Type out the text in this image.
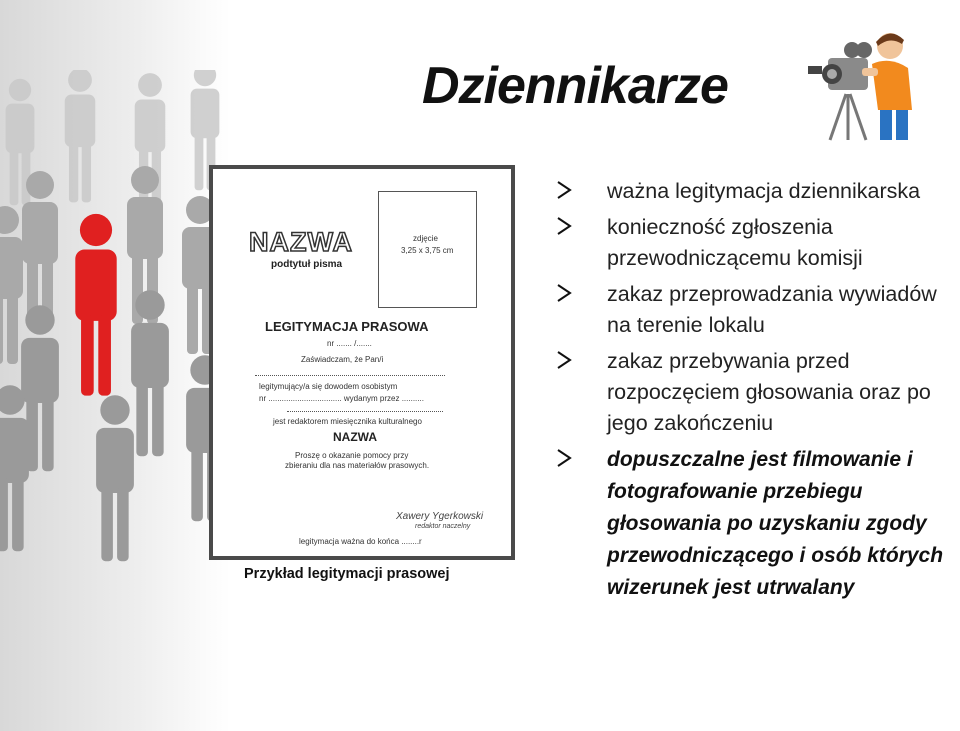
Dziennikarze
zdjęcie
3,25 x 3,75 cm
NAZWA
podtytuł pisma
LEGITYMACJA PRASOWA
nr ....... /.......
Zaświadczam, że Pan/i
legitymujący/a się dowodem osobistym
nr ................................. wydanym przez ..........
jest redaktorem miesięcznika kulturalnego
NAZWA
Proszę o okazanie pomocy przy
zbieraniu dla nas materiałów prasowych.
Xawery Ygerkowski
redaktor naczelny
legitymacja ważna do końca ........r
Przykład legitymacji prasowej
ważna legitymacja dziennikarska
konieczność zgłoszenia przewodniczącemu komisji
zakaz przeprowadzania wywiadów na terenie lokalu
zakaz przebywania przed rozpoczęciem głosowania oraz po jego zakończeniu
dopuszczalne jest filmowanie i fotografowanie przebiegu głosowania po uzyskaniu zgody przewodniczącego i osób których wizerunek jest utrwalany
